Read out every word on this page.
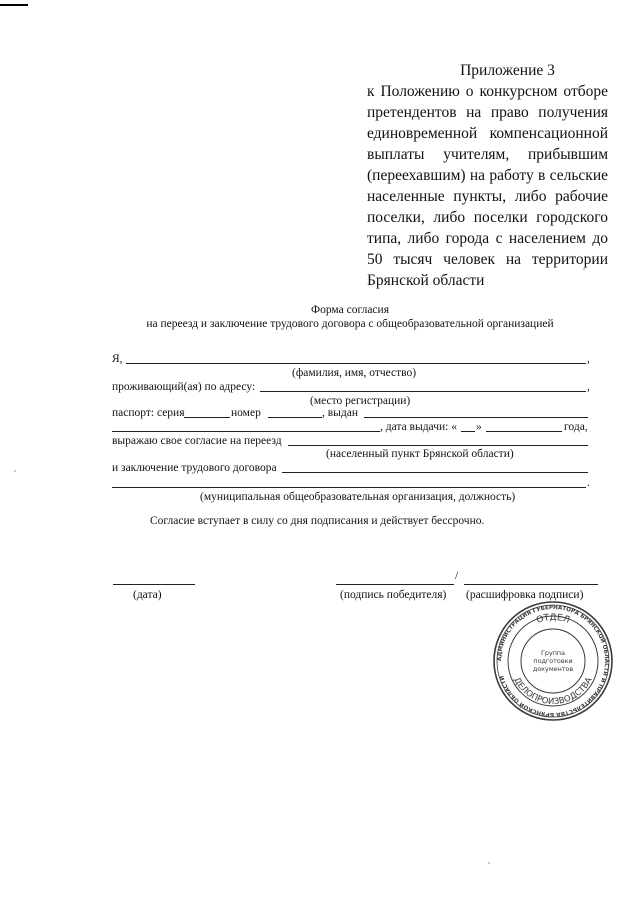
Приложение 3
к Положению о конкурсном отборе претендентов на право получения единовременной компенсационной выплаты учителям, прибывшим (переехавшим) на работу в сельские населенные пункты, либо рабочие поселки, либо поселки городского типа, либо города с населением до 50 тысяч человек на территории Брянской области
Форма согласия
на переезд и заключение трудового договора с общеобразовательной организацией
Я,	,
(фамилия, имя, отчество)
проживающий(ая) по адресу:	,
(место регистрации)
паспорт: серия	номер	, выдан
, дата выдачи: « »	года,
выражаю свое согласие на переезд
(населенный пункт Брянской области)
и заключение трудового договора
.
(муниципальная общеобразовательная организация, должность)
Согласие вступает в силу со дня подписания и действует бессрочно.
/
(дата)	(подпись победителя) (расшифровка подписи)
АДМИНИСТРАЦИЯ ГУБЕРНАТОРА БРЯНСКОЙ ОБЛАСТИ И ПРАВИТЕЛЬСТВА БРЯНСКОЙ ОБЛАСТИ
ОТДЕЛ
ДЕЛОПРОИЗВОДСТВА
Группа
подготовки
документов
